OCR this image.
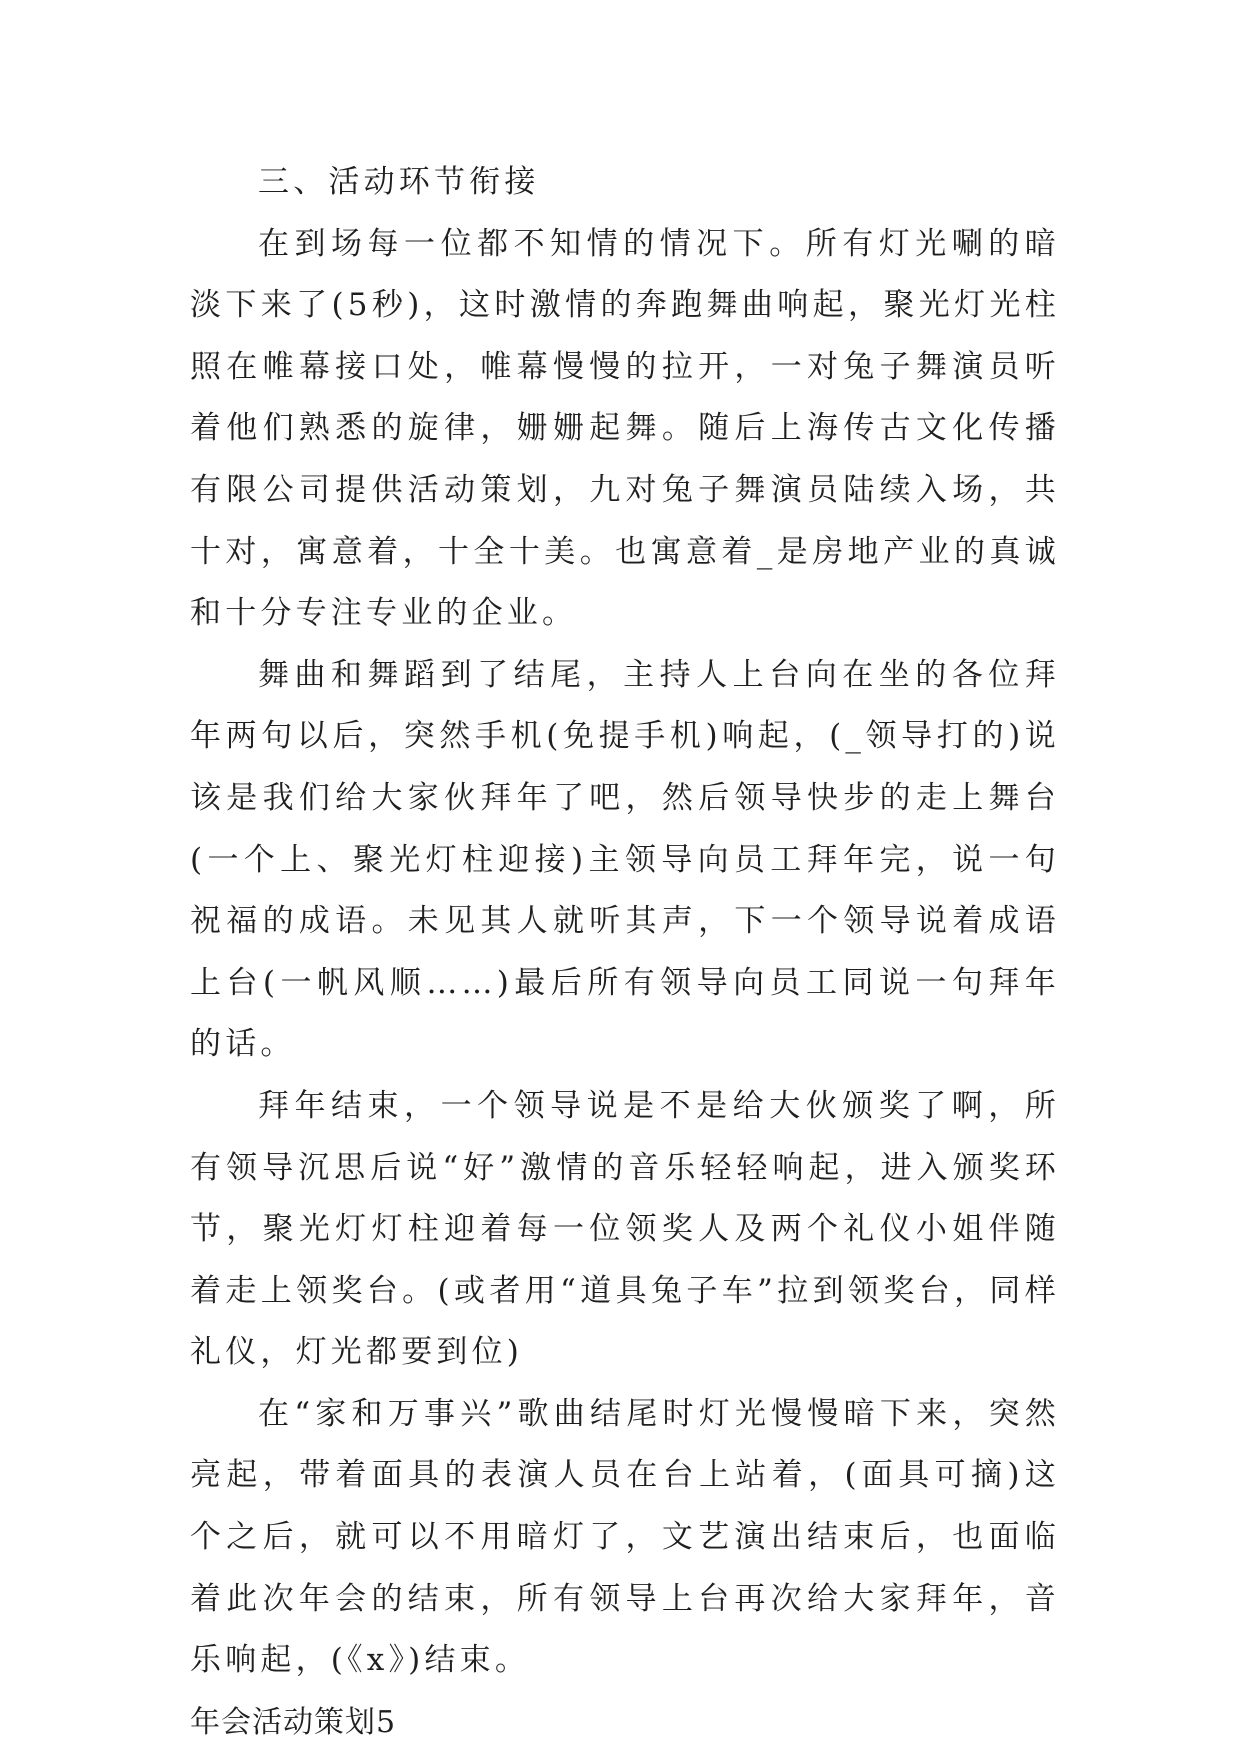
三、活动环节衔接

在到场每一位都不知情的情况下。所有灯光唰的暗淡下来了(5秒)，这时激情的奔跑舞曲响起，聚光灯光柱照在帷幕接口处，帷幕慢慢的拉开，一对兔子舞演员听着他们熟悉的旋律，姗姗起舞。随后上海传古文化传播有限公司提供活动策划，九对兔子舞演员陆续入场，共十对，寓意着，十全十美。也寓意着_是房地产业的真诚和十分专注专业的企业。

舞曲和舞蹈到了结尾，主持人上台向在坐的各位拜年两句以后，突然手机(免提手机)响起，(_领导打的)说该是我们给大家伙拜年了吧，然后领导快步的走上舞台(一个上、聚光灯柱迎接)主领导向员工拜年完，说一句祝福的成语。未见其人就听其声，下一个领导说着成语上台(一帆风顺……)最后所有领导向员工同说一句拜年的话。

拜年结束，一个领导说是不是给大伙颁奖了啊，所有领导沉思后说“好”激情的音乐轻轻响起，进入颁奖环节，聚光灯灯柱迎着每一位领奖人及两个礼仪小姐伴随着走上领奖台。(或者用“道具兔子车”拉到领奖台，同样礼仪，灯光都要到位)

在“家和万事兴”歌曲结尾时灯光慢慢暗下来，突然亮起，带着面具的表演人员在台上站着，(面具可摘)这个之后，就可以不用暗灯了，文艺演出结束后，也面临着此次年会的结束，所有领导上台再次给大家拜年，音乐响起，(《x》)结束。

年会活动策划5
